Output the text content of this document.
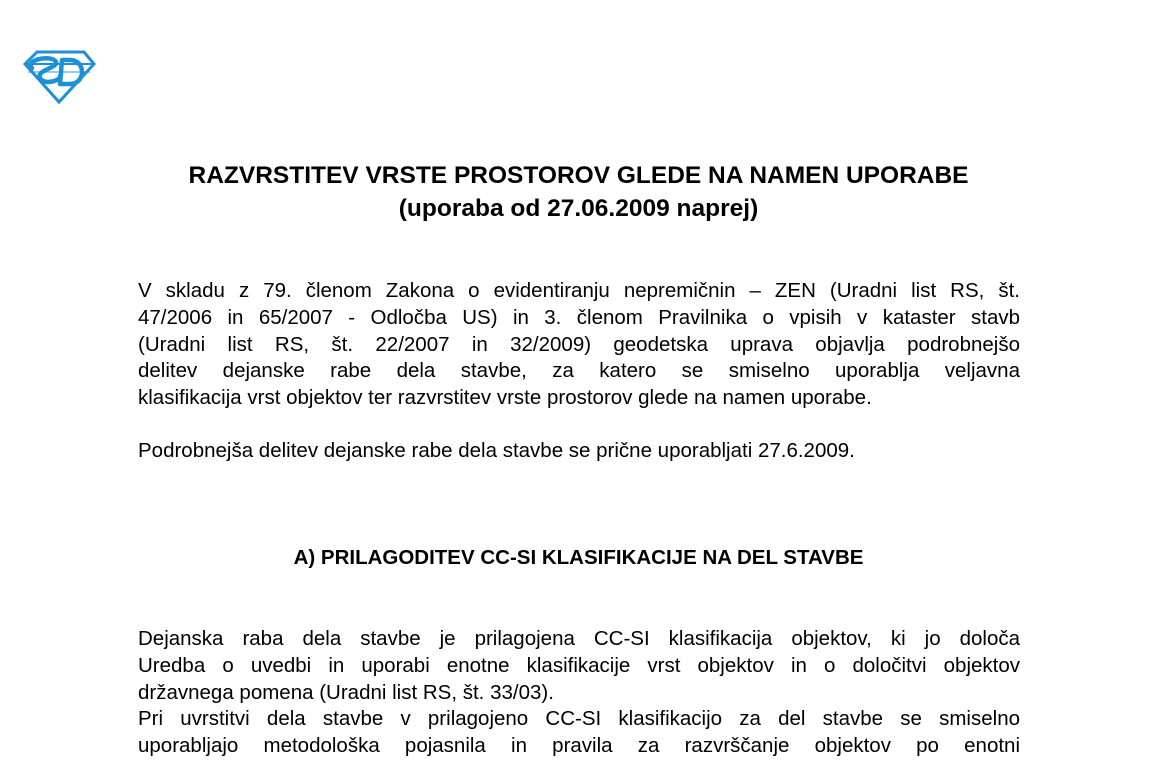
RAZVRSTITEV VRSTE PROSTOROV GLEDE NA NAMEN UPORABE
(uporaba od 27.06.2009 naprej)
V skladu z 79. členom Zakona o evidentiranju nepremičnin – ZEN (Uradni list RS, št.
47/2006 in 65/2007 - Odločba US) in 3. členom Pravilnika o vpisih v kataster stavb
(Uradni list RS, št. 22/2007 in 32/2009) geodetska uprava objavlja podrobnejšo
delitev dejanske rabe dela stavbe, za katero se smiselno uporablja veljavna
klasifikacija vrst objektov ter razvrstitev vrste prostorov glede na namen uporabe.

Podrobnejša delitev dejanske rabe dela stavbe se prične uporabljati 27.6.2009.

A) PRILAGODITEV CC-SI KLASIFIKACIJE NA DEL STAVBE
Dejanska raba dela stavbe je prilagojena CC-SI klasifikacija objektov, ki jo določa
Uredba o uvedbi in uporabi enotne klasifikacije vrst objektov in o določitvi objektov
državnega pomena (Uradni list RS, št. 33/03).
Pri uvrstitvi dela stavbe v prilagojeno CC-SI klasifikacijo za del stavbe se smiselno
uporabljajo metodološka pojasnila in pravila za razvrščanje objektov po enotni
